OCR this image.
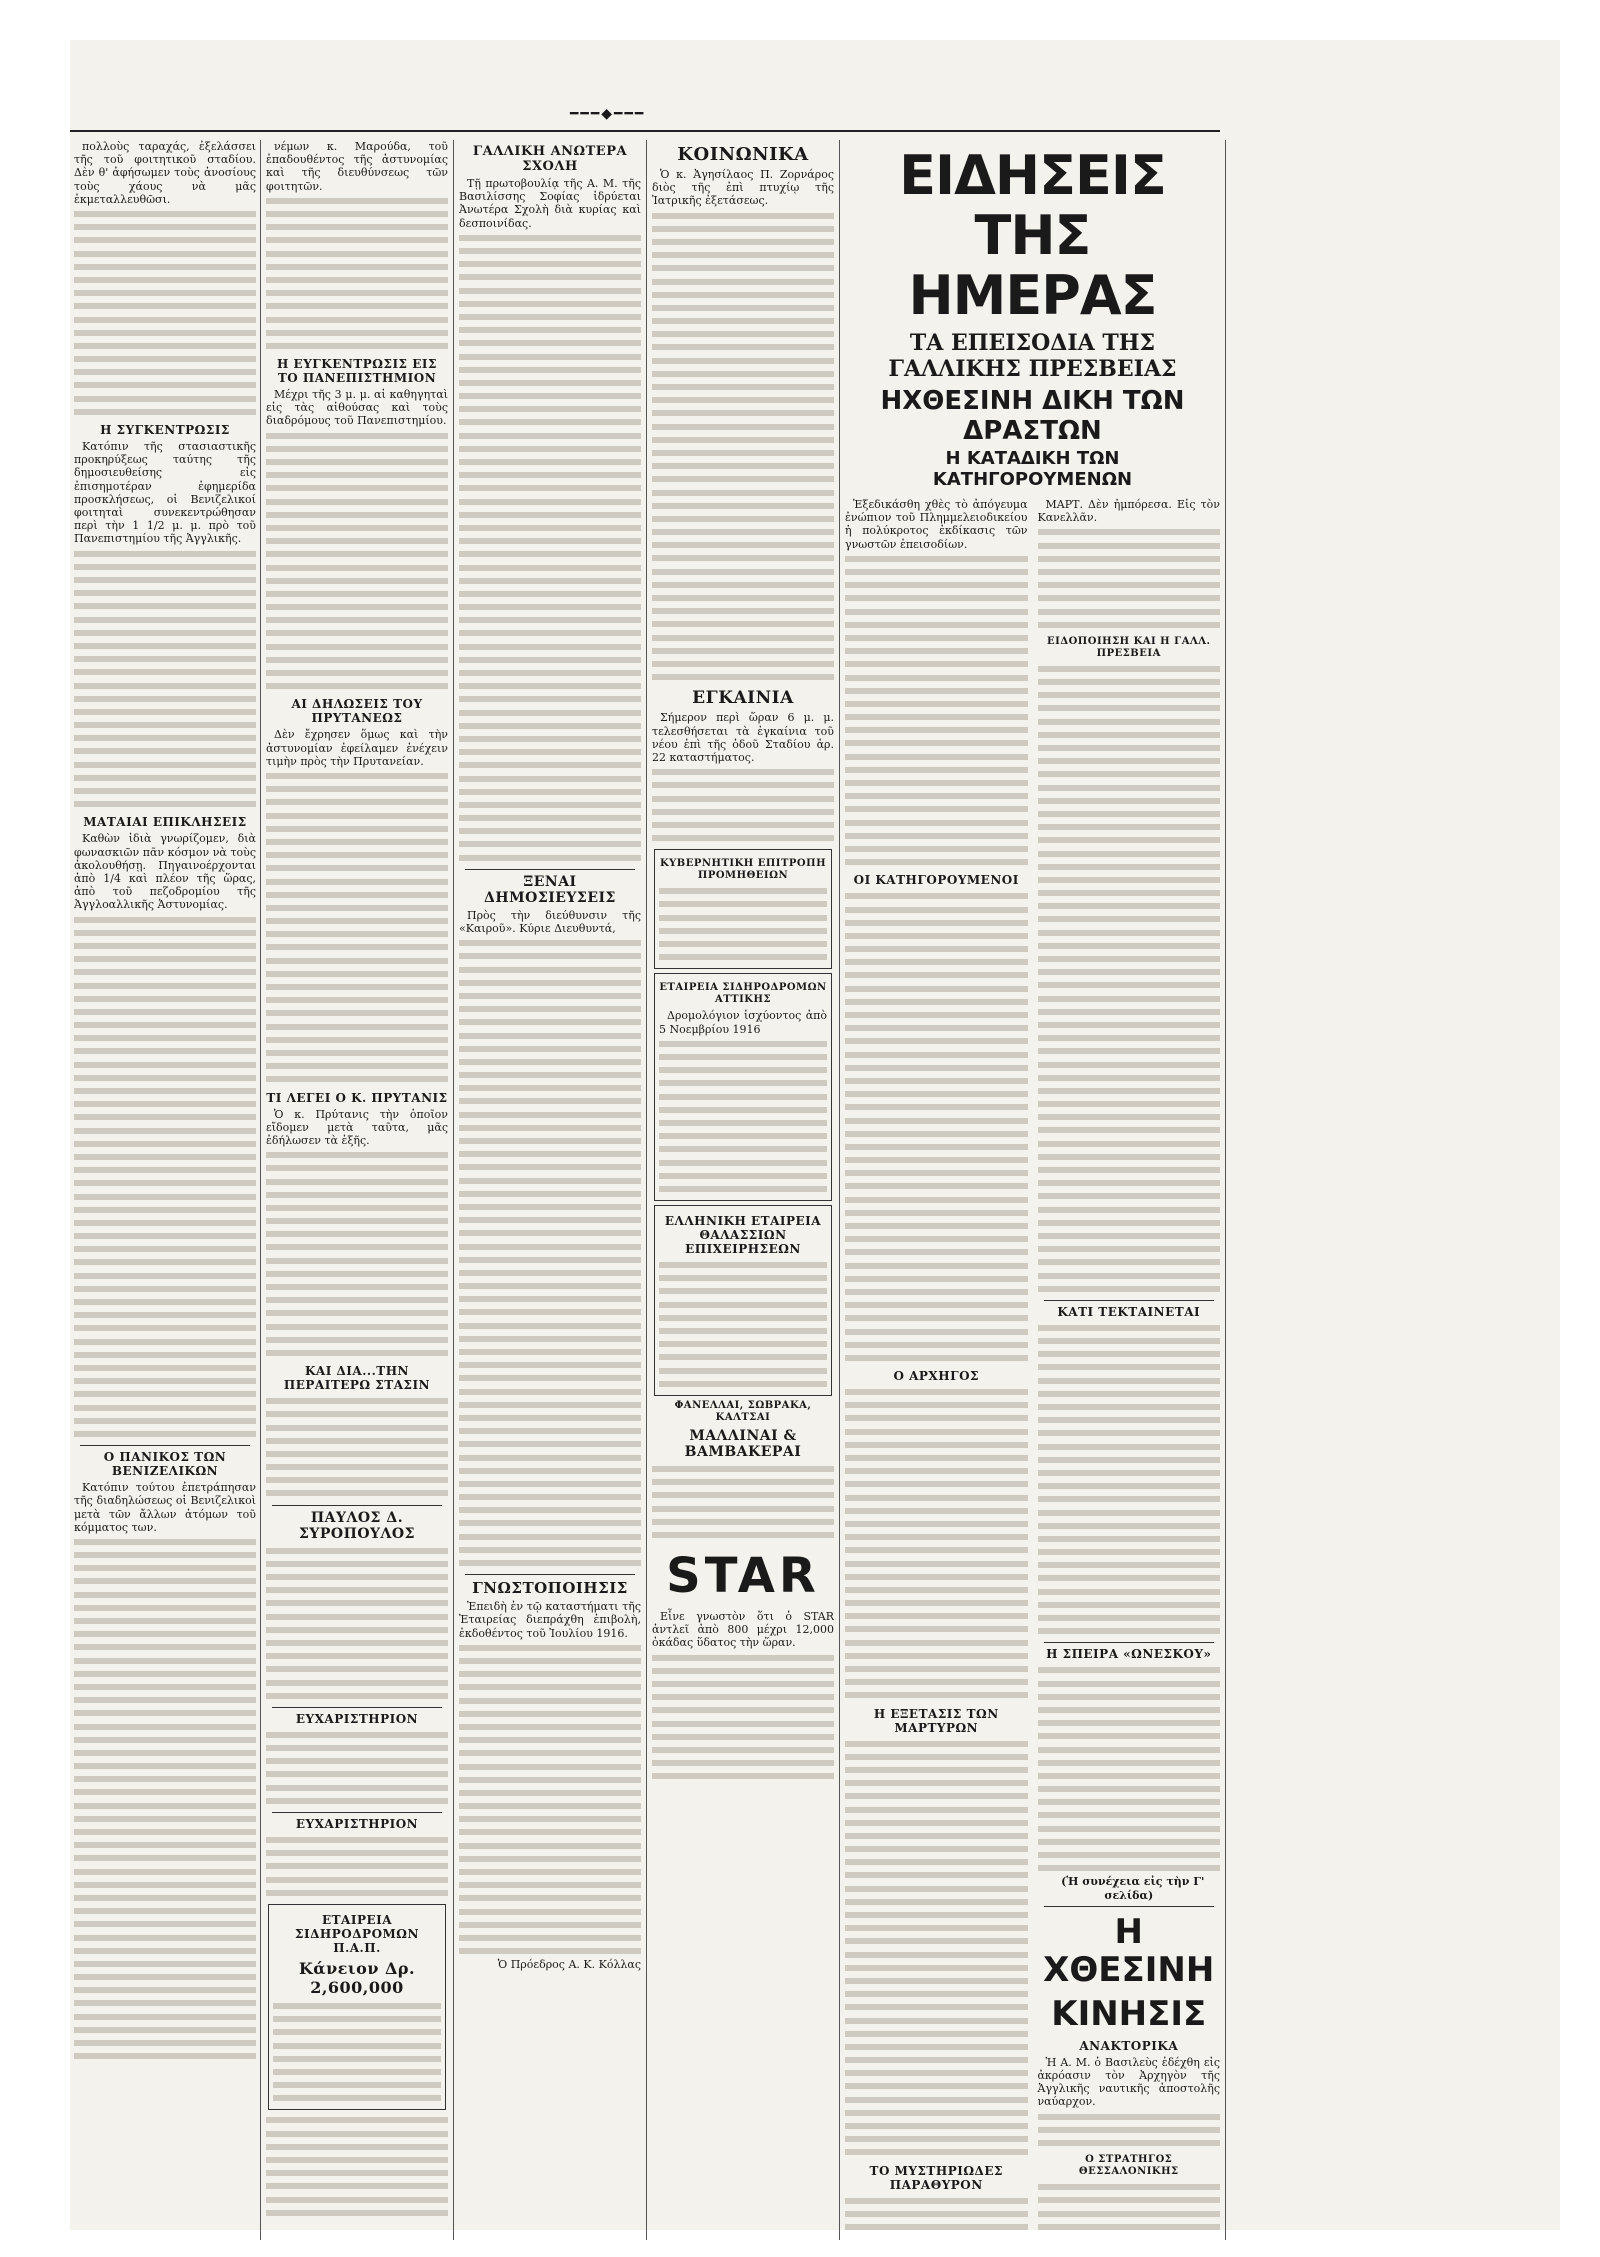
━━━◆━━━

πολλοὺς ταραχάς, ἐξελάσσει τῆς τοῦ φοιτητικοῦ σταδίου. Δὲν θ' ἀφήσωμεν τοὺς ἀνοσίους τοὺς χάους νὰ μᾶς ἐκμεταλλευθῶσι.

Η ΣΥΓΚΕΝΤΡΩΣΙΣ

Κατόπιν τῆς στασιαστικῆς προκηρύξεως ταύτης τῆς δημοσιευθείσης εἰς ἐπισημοτέραν ἐφημερίδα προσκλήσεως, οἱ Βενιζελικοί φοιτηταὶ συνεκεντρώθησαν περὶ τὴν 1 1/2 μ. μ. πρὸ τοῦ Πανεπιστημίου τῆς Ἀγγλικῆς.

ΜΑΤΑΙΑΙ ΕΠΙΚΛΗΣΕΙΣ

Καθὼν ἰδιὰ γνωρίζομεν, διὰ φωνασκιῶν πᾶν κόσμον νὰ τοὺς ἀκολουθήσῃ. Πηγαινοέρχονται ἀπὸ 1/4 καὶ πλέον τῆς ὥρας, ἀπὸ τοῦ πεζοδρομίου τῆς Ἀγγλοαλλικῆς Ἀστυνομίας.

Ο ΠΑΝΙΚΟΣ ΤΩΝ ΒΕΝΙΖΕΛΙΚΩΝ

Κατόπιν τούτου ἐπετράπησαν τῆς διαδηλώσεως οἱ Βενιζελικοὶ μετὰ τῶν ἄλλων ἀτόμων τοῦ κόμματος των.

νέμων κ. Μαρούδα, τοῦ ἐπαδουθέντος τῆς ἀστυνομίας καὶ τῆς διευθύνσεως τῶν φοιτητῶν.

Η ΕΥΓΚΕΝΤΡΩΣΙΣ ΕΙΣ ΤΟ ΠΑΝΕΠΙΣΤΗΜΙΟΝ

Μέχρι τῆς 3 μ. μ. αἱ καθηγηταὶ εἰς τὰς αἰθούσας καὶ τοὺς διαδρόμους τοῦ Πανεπιστημίου.

ΑΙ ΔΗΛΩΣΕΙΣ ΤΟΥ ΠΡΥΤΑΝΕΩΣ

Δὲν ἔχρησεν ὅμως καὶ τὴν ἀστυνομίαν ἐφείλαμεν ἐνέχειν τιμὴν πρὸς τὴν Πρυτανείαν.

ΤΙ ΛΕΓΕΙ Ο Κ. ΠΡΥΤΑΝΙΣ

Ὁ κ. Πρύτανις τὴν ὁποῖον εἴδομεν μετὰ ταῦτα, μᾶς ἐδήλωσεν τὰ ἑξῆς.

ΚΑΙ ΔΙΑ...ΤΗΝ ΠΕΡΑΙΤΕΡΩ ΣΤΑΣΙΝ
ΠΑΥΛΟΣ Δ. ΣΥΡΟΠΟΥΛΟΣ
ΕΥΧΑΡΙΣΤΗΡΙΟΝ
ΕΥΧΑΡΙΣΤΗΡΙΟΝ
ΕΤΑΙΡΕΙΑ ΣΙΔΗΡΟΔΡΟΜΩΝ Π.Α.Π.
Κάνειον Δρ. 2,600,000
ΓΑΛΛΙΚΗ ΑΝΩΤΕΡΑ ΣΧΟΛΗ

Τῇ πρωτοβουλίᾳ τῆς Α. Μ. τῆς Βασιλίσσης Σοφίας ἱδρύεται Ἀνωτέρα Σχολὴ διὰ κυρίας καὶ δεσποινίδας.

ΞΕΝΑΙ ΔΗΜΟΣΙΕΥΣΕΙΣ

Πρὸς τὴν διεύθυνσιν τῆς «Καιροῦ». Κύριε Διευθυντά,

ΓΝΩΣΤΟΠΟΙΗΣΙΣ

Ἐπειδὴ ἐν τῷ καταστήματι τῆς Ἐταιρείας διεπράχθη ἐπιβολὴ, ἐκδοθέντος τοῦ Ἰουλίου 1916.

Ὁ Πρόεδρος Α. Κ. Κόλλας

ΚΟΙΝΩΝΙΚΑ

Ὁ κ. Ἀγησίλαος Π. Ζορνάρος διὸς τῆς ἐπὶ πτυχίῳ τῆς Ἰατρικῆς ἐξετάσεως.

ΕΓΚΑΙΝΙΑ

Σήμερον περὶ ὥραν 6 μ. μ. τελεσθήσεται τὰ ἐγκαίνια τοῦ νέου ἐπὶ τῆς ὁδοῦ Σταδίου ἀρ. 22 καταστήματος.

ΚΥΒΕΡΝΗΤΙΚΗ ΕΠΙΤΡΟΠΗ ΠΡΟΜΗΘΕΙΩΝ
ΕΤΑΙΡΕΙΑ ΣΙΔΗΡΟΔΡΟΜΩΝ ΑΤΤΙΚΗΣ

Δρομολόγιον ἰσχύοντος ἀπὸ 5 Νοεμβρίου 1916

ΕΛΛΗΝΙΚΗ ΕΤΑΙΡΕΙΑ ΘΑΛΑΣΣΙΩΝ ΕΠΙΧΕΙΡΗΣΕΩΝ
ΦΑΝΕΛΛΑΙ, ΣΩΒΡΑΚΑ, ΚΑΛΤΣΑΙ
ΜΑΛΛΙΝΑΙ & ΒΑΜΒΑΚΕΡΑΙ
STAR

Εἶνε γνωστὸν ὅτι ὁ STAR ἀντλεῖ ἀπὸ 800 μέχρι 12,000 ὀκάδας ὕδατος τὴν ὥραν.

ΕΙΔΗΣΕΙΣ ΤΗΣ ΗΜΕΡΑΣ
ΤΑ ΕΠΕΙΣΟΔΙΑ ΤΗΣ ΓΑΛΛΙΚΗΣ ΠΡΕΣΒΕΙΑΣ
ΗΧΘΕΣΙΝΗ ΔΙΚΗ ΤΩΝ ΔΡΑΣΤΩΝ
Η ΚΑΤΑΔΙΚΗ ΤΩΝ ΚΑΤΗΓΟΡΟΥΜΕΝΩΝ

Ἐξεδικάσθη χθὲς τὸ ἀπόγευμα ἐνώπιον τοῦ Πλημμελειοδικείου ἡ πολύκροτος ἐκδίκασις τῶν γνωστῶν ἐπεισοδίων.

ΟΙ ΚΑΤΗΓΟΡΟΥΜΕΝΟΙ
Ο ΑΡΧΗΓΟΣ
Η ΕΞΕΤΑΣΙΣ ΤΩΝ ΜΑΡΤΥΡΩΝ
ΤΟ ΜΥΣΤΗΡΙΩΔΕΣ ΠΑΡΑΘΥΡΟΝ

ΜΑΡΤ. Δὲν ἠμπόρεσα. Εἰς τὸν Κανελλᾶν.

ΕΙΔΟΠΟΙΗΣΗ ΚΑΙ Η ΓΑΛΛ. ΠΡΕΣΒΕΙΑ
ΚΑΤΙ ΤΕΚΤΑΙΝΕΤΑΙ
Η ΣΠΕΙΡΑ «ΩΝΕΣΚΟΥ»

(Ἡ συνέχεια εἰς τὴν Γ' σελίδα)

Η ΧΘΕΣΙΝΗ
ΚΙΝΗΣΙΣ
ΑΝΑΚΤΟΡΙΚΑ

Ἡ Α. Μ. ὁ Βασιλεὺς ἐδέχθη εἰς ἀκρόασιν τὸν Ἀρχηγὸν τῆς Ἀγγλικῆς ναυτικῆς ἀποστολῆς ναύαρχον.

Ο ΣΤΡΑΤΗΓΟΣ ΘΕΣΣΑΛΟΝΙΚΗΣ
